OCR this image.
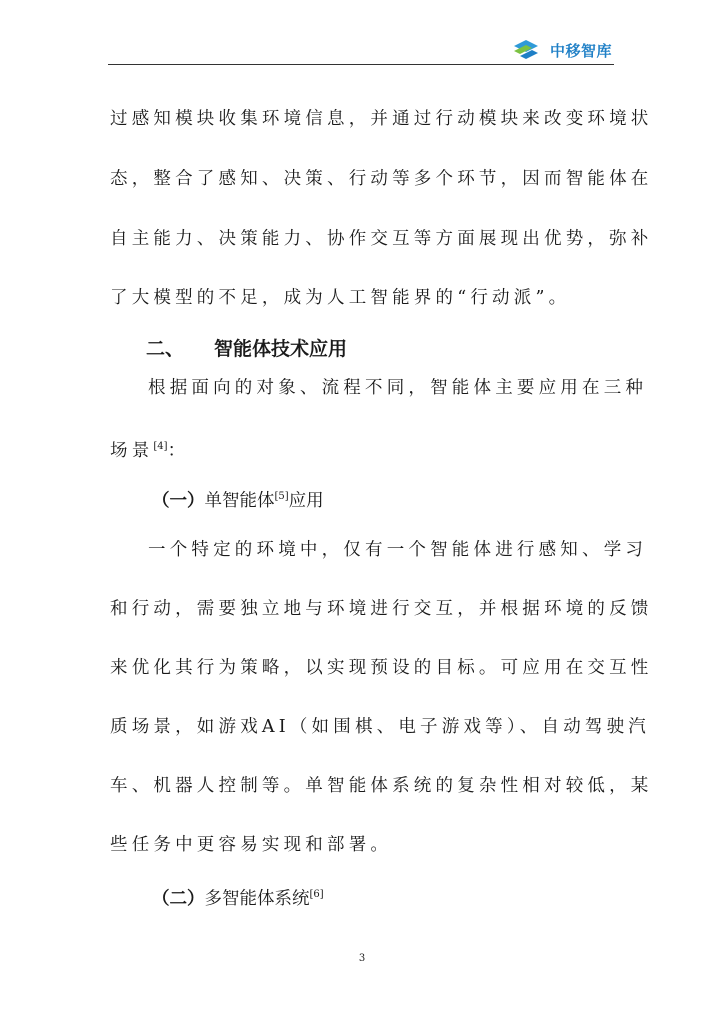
中移智库
过感知模块收集环境信息，并通过行动模块来改变环境状
态，整合了感知、决策、行动等多个环节，因而智能体在
自主能力、决策能力、协作交互等方面展现出优势，弥补
了大模型的不足，成为人工智能界的“行动派”。
二、 智能体技术应用
根据面向的对象、流程不同，智能体主要应用在三种
场景[4]：
（一）单智能体[5]应用
一个特定的环境中，仅有一个智能体进行感知、学习
和行动，需要独立地与环境进行交互，并根据环境的反馈
来优化其行为策略，以实现预设的目标。可应用在交互性
质场景，如游戏AI（如围棋、电子游戏等）、自动驾驶汽
车、机器人控制等。单智能体系统的复杂性相对较低，某
些任务中更容易实现和部署。
（二）多智能体系统[6]
3
